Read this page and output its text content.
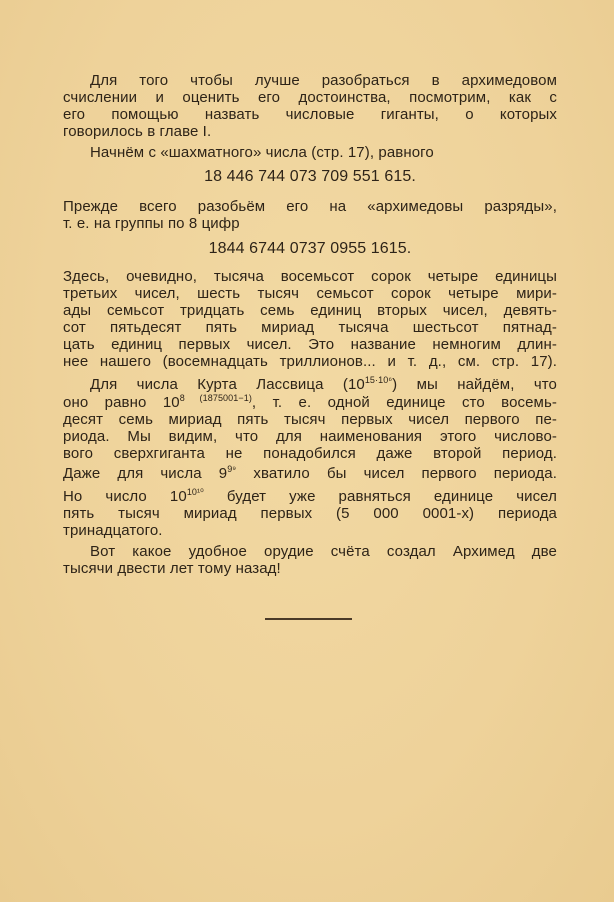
Для того чтобы лучше разобраться в архимедовом
счислении и оценить его достоинства, посмотрим, как с
его помощью назвать числовые гиганты, о которых
говорилось в главе I.
Начнём с «шахматного» числа (стр. 17), равного
18 446 744 073 709 551 615.
Прежде всего разобьём его на «архимедовы разряды»,
т. е. на группы по 8 цифр
1844 6744 0737 0955 1615.
Здесь, очевидно, тысяча восемьсот сорок четыре единицы
третьих чисел, шесть тысяч семьсот сорок четыре мири-
ады семьсот тридцать семь единиц вторых чисел, девять-
сот пятьдесят пять мириад тысяча шестьсот пятнад-
цать единиц первых чисел. Это название немногим длин-
нее нашего (восемнадцать триллионов... и т. д., см. стр. 17).
Для числа Курта Лассвица $(10^{15\cdot 10^6})$ мы найдём, что
оно равно $10^{8 (1875001-1)}$, т. е. одной единице сто восемь-
десят семь мириад пять тысяч первых чисел первого пе-
риода. Мы видим, что для наименования этого числово-
вого сверхгиганта не понадобился даже второй период.
Даже для числа $9^{9^9}$ хватило бы чисел первого периода.
Но число $10^{10^{10}}$ будет уже равняться единице чисел
пять тысяч мириад первых (5 000 0001-х) периода
тринадцатого.
Вот какое удобное орудие счёта создал Архимед две
тысячи двести лет тому назад!
